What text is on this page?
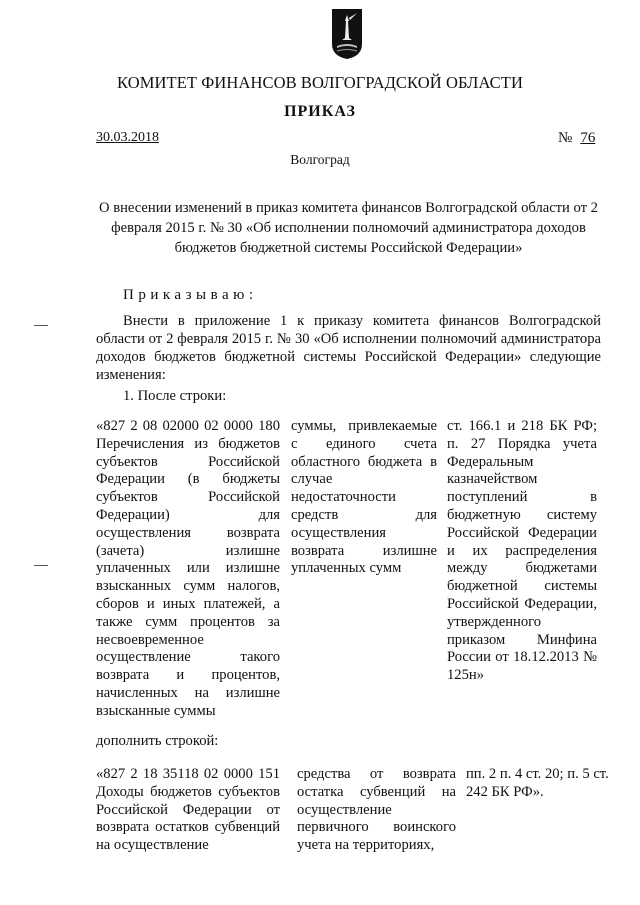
КОМИТЕТ ФИНАНСОВ ВОЛГОГРАДСКОЙ ОБЛАСТИ
ПРИКАЗ
30.03.2018	№ 76
Волгоград
О внесении изменений в приказ комитета финансов Волгоградской области от 2 февраля 2015 г. № 30 «Об исполнении полномочий администратора доходов бюджетов бюджетной системы Российской Федерации»
Приказываю:
Внести в приложение 1 к приказу комитета финансов Волгоградской области от 2 февраля 2015 г. № 30 «Об исполнении полномочий администратора доходов бюджетов бюджетной системы Российской Федерации» следующие изменения:
1. После строки:
«827 2 08 02000 02 0000 180 Перечисления из бюджетов субъектов Российской Федерации (в бюджеты субъектов Российской Федерации) для осуществления возврата (зачета) излишне уплаченных или излишне взысканных сумм налогов, сборов и иных платежей, а также сумм процентов за несвоевременное осуществление такого возврата и процентов, начисленных на излишне взысканные суммы
суммы, привлекаемые с единого счета областного бюджета в случае недостаточности средств для осуществления возврата излишне уплаченных сумм
ст. 166.1 и 218 БК РФ; п. 27 Порядка учета Федеральным казначейством поступлений в бюджетную систему Российской Федерации и их распределения между бюджетами бюджетной системы Российской Федерации, утвержденного приказом Минфина России от 18.12.2013 № 125н»
дополнить строкой:
«827 2 18 35118 02 0000 151 Доходы бюджетов субъектов Российской Федерации от возврата остатков субвенций на осуществление
средства от возврата остатка субвенций на осуществление первичного воинского учета на территориях,
пп. 2 п. 4 ст. 20; п. 5 ст. 242 БК РФ».
